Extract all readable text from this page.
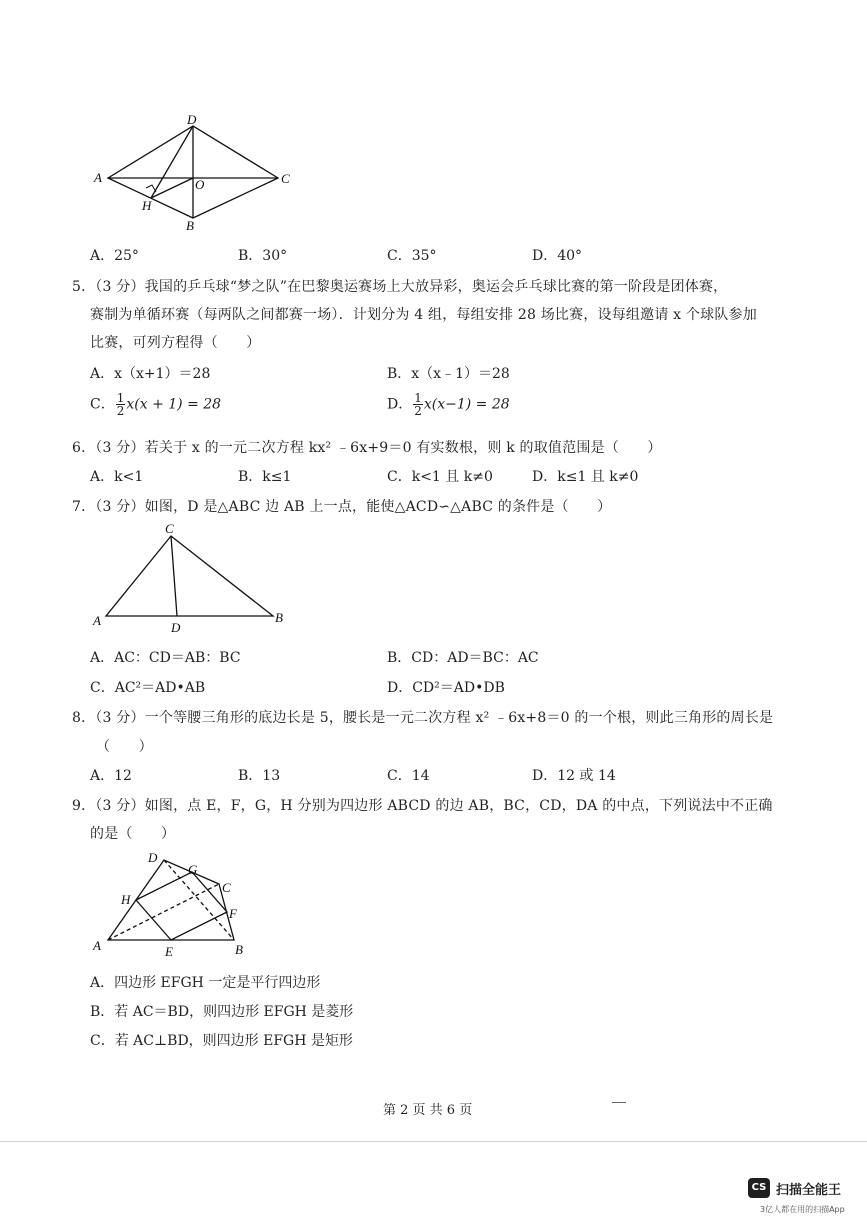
D
A	O	C
H
B
A．25°	B．30°	C．35°	D．40°
5．（3 分）我国的乒乓球“梦之队”在巴黎奥运赛场上大放异彩，奥运会乒乓球比赛的第一阶段是团体赛，
赛制为单循环赛（每两队之间都赛一场）．计划分为 4 组，每组安排 28 场比赛，设每组邀请 x 个球队参加
比赛，可列方程得（　　）
A．x（x+1）＝28	B．x（x﹣1）＝28
C． $\frac{1}{2} x(x + 1) = 28$	D． $\frac{1}{2} x(x-1) = 28$
6．（3 分）若关于 x 的一元二次方程 kx² ﹣6x+9＝0 有实数根，则 k 的取值范围是（　　）
A．k<1	B．k≤1	C．k<1 且 k≠0	D．k≤1 且 k≠0
7．（3 分）如图，D 是△ABC 边 AB 上一点，能使△ACD∽△ABC 的条件是（　　）
C
A	D
B
A．AC：CD＝AB：BC	B．CD：AD＝BC：AC
C．AC²＝AD•AB	D．CD²＝AD•DB
8．（3 分）一个等腰三角形的底边长是 5，腰长是一元二次方程 x² ﹣6x+8＝0 的一个根，则此三角形的周长是
（　　）
A．12	B．13	C．14	D．12 或 14
9．（3 分）如图，点 E，F，G，H 分别为四边形 ABCD 的边 AB，BC，CD，DA 的中点，下列说法中不正确
的是（　　）
D
G
C
H
F
A	E	B
A．四边形 EFGH 一定是平行四边形
B．若 AC＝BD，则四边形 EFGH 是菱形
C．若 AC⊥BD，则四边形 EFGH 是矩形
第 2 页 共 6 页
CS 扫描全能王
3亿人都在用的扫描App
